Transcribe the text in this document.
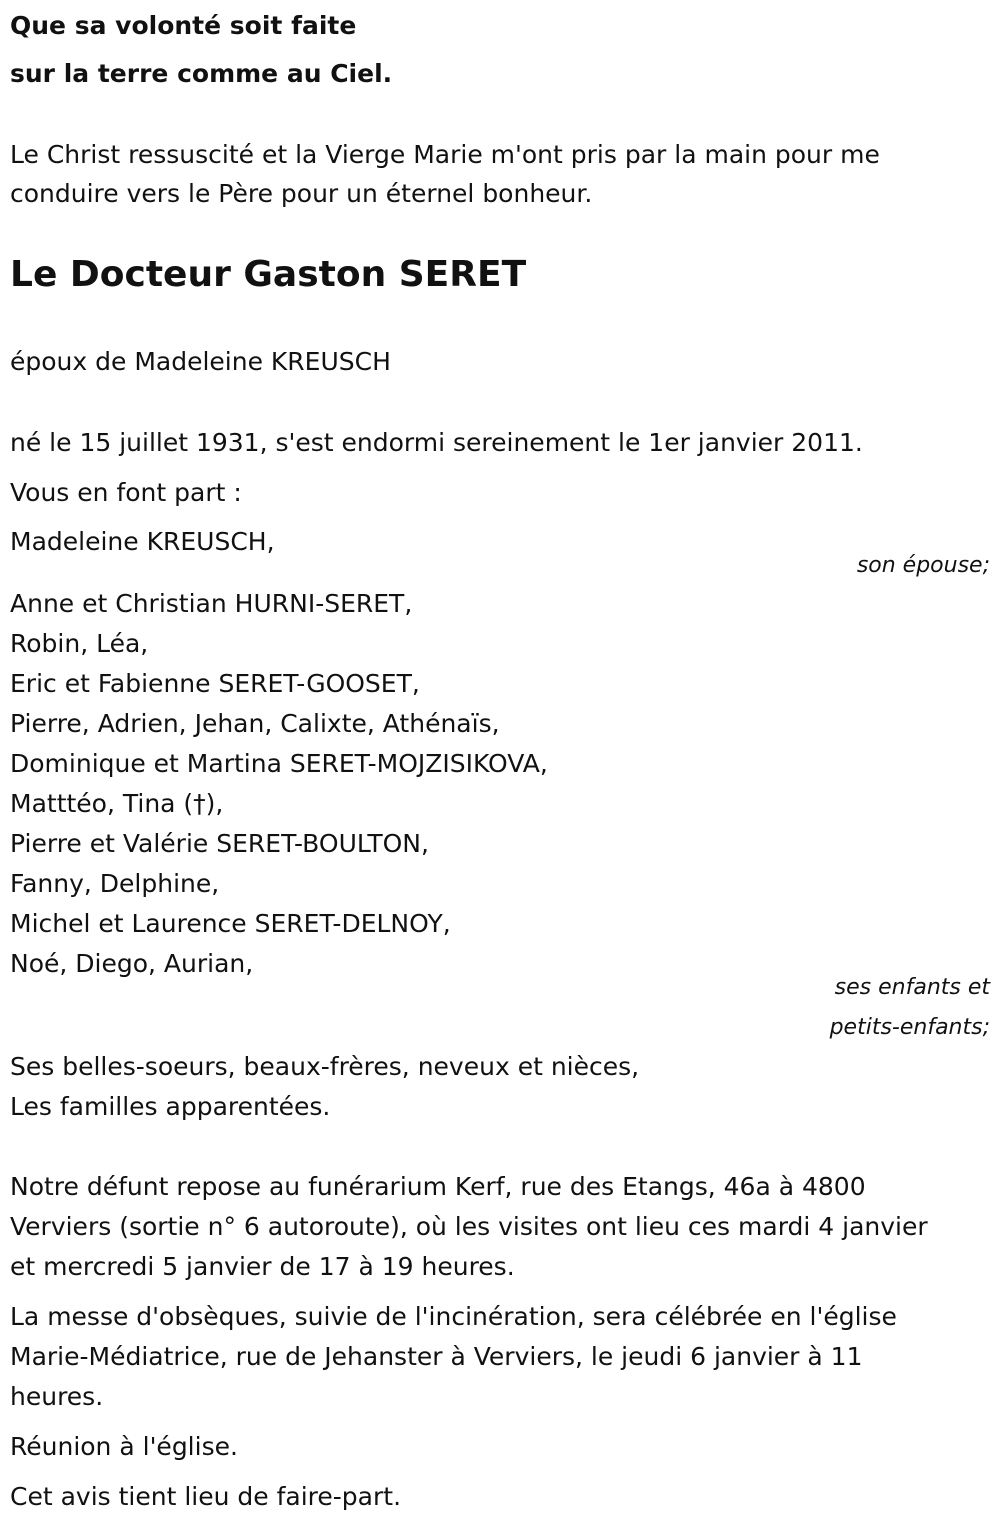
Que sa volonté soit faite

sur la terre comme au Ciel.

Le Christ ressuscité et la Vierge Marie m'ont pris par la main pour me

conduire vers le Père pour un éternel bonheur.

Le Docteur Gaston SERET

époux de Madeleine KREUSCH

né le 15 juillet 1931, s'est endormi sereinement le 1er janvier 2011.

Vous en font part :

Madeleine KREUSCH,

son épouse;

Anne et Christian HURNI-SERET,

Robin, Léa,

Eric et Fabienne SERET-GOOSET,

Pierre, Adrien, Jehan, Calixte, Athénaïs,

Dominique et Martina SERET-MOJZISIKOVA,

Matttéo, Tina (†),

Pierre et Valérie SERET-BOULTON,

Fanny, Delphine,

Michel et Laurence SERET-DELNOY,

Noé, Diego, Aurian,

ses enfants et

petits-enfants;

Ses belles-soeurs, beaux-frères, neveux et nièces,

Les familles apparentées.

Notre défunt repose au funérarium Kerf, rue des Etangs, 46a à 4800

Verviers (sortie n° 6 autoroute), où les visites ont lieu ces mardi 4 janvier

et mercredi 5 janvier de 17 à 19 heures.

La messe d'obsèques, suivie de l'incinération, sera célébrée en l'église

Marie-Médiatrice, rue de Jehanster à Verviers, le jeudi 6 janvier à 11

heures.

Réunion à l'église.

Cet avis tient lieu de faire-part.
